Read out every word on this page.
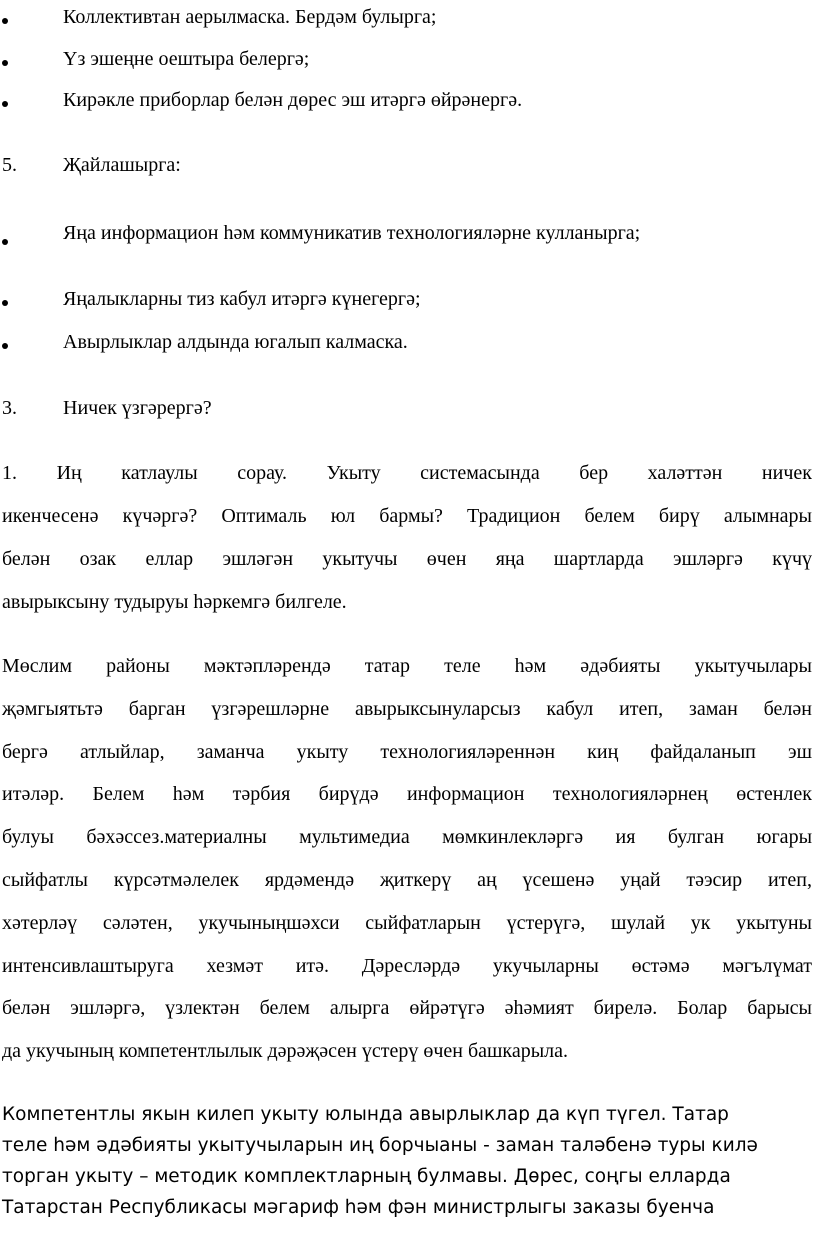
Коллективтан аерылмаска. Бердәм булырга;
Үз эшеңне оештыра белергә;
Кирәкле приборлар белән дөрес эш итәргә өйрәнергә.
5. Җайлашырга:
Яңа информацион һәм коммуникатив технологияләрне кулланырга;
Яңалыкларны тиз кабул итәргә күнегергә;
Авырлыклар алдында югалып калмаска.
3. Ничек үзгәрергә?
1. Иң катлаулы сорау. Укыту системасында бер халәттән ничек
икенчесенә күчәргә? Оптималь юл бармы? Традицион белем бирү алымнары
белән озак еллар эшләгән укытучы өчен яңа шартларда эшләргә күчү
авырыксыну тудыруы һәркемгә билгеле.
Мөслим районы мәктәпләрендә татар теле һәм әдәбияты укытучылары
җәмгыятьтә барган үзгәрешләрне авырыксынуларсыз кабул итеп, заман белән
бергә атлыйлар, заманча укыту технологияләреннән киң файдаланып эш
итәләр. Белем һәм тәрбия бирүдә информацион технологияләрнең өстенлек
булуы бәхәссез.материалны мультимедиа мөмкинлекләргә ия булган югары
сыйфатлы күрсәтмәлелек ярдәмендә җиткерү аң үсешенә уңай тәэсир итеп,
хәтерләү сәләтен, укучыныңшәхси сыйфатларын үстерүгә, шулай ук укытуны
интенсивлаштыруга хезмәт итә. Дәресләрдә укучыларны өстәмә мәгълүмат
белән эшләргә, үзлектән белем алырга өйрәтүгә әһәмият бирелә. Болар барысы
да укучының компетентлылык дәрәҗәсен үстерү өчен башкарыла.
Компетентлы якын килеп укыту юлында авырлыклар да күп түгел. Татар
теле һәм әдәбияты укытучыларын иң борчыаны - заман таләбенә туры килә
торган укыту – методик комплектларның булмавы. Дөрес, соңгы елларда
Татарстан Республикасы мәгариф һәм фән министрлыгы заказы буенча
